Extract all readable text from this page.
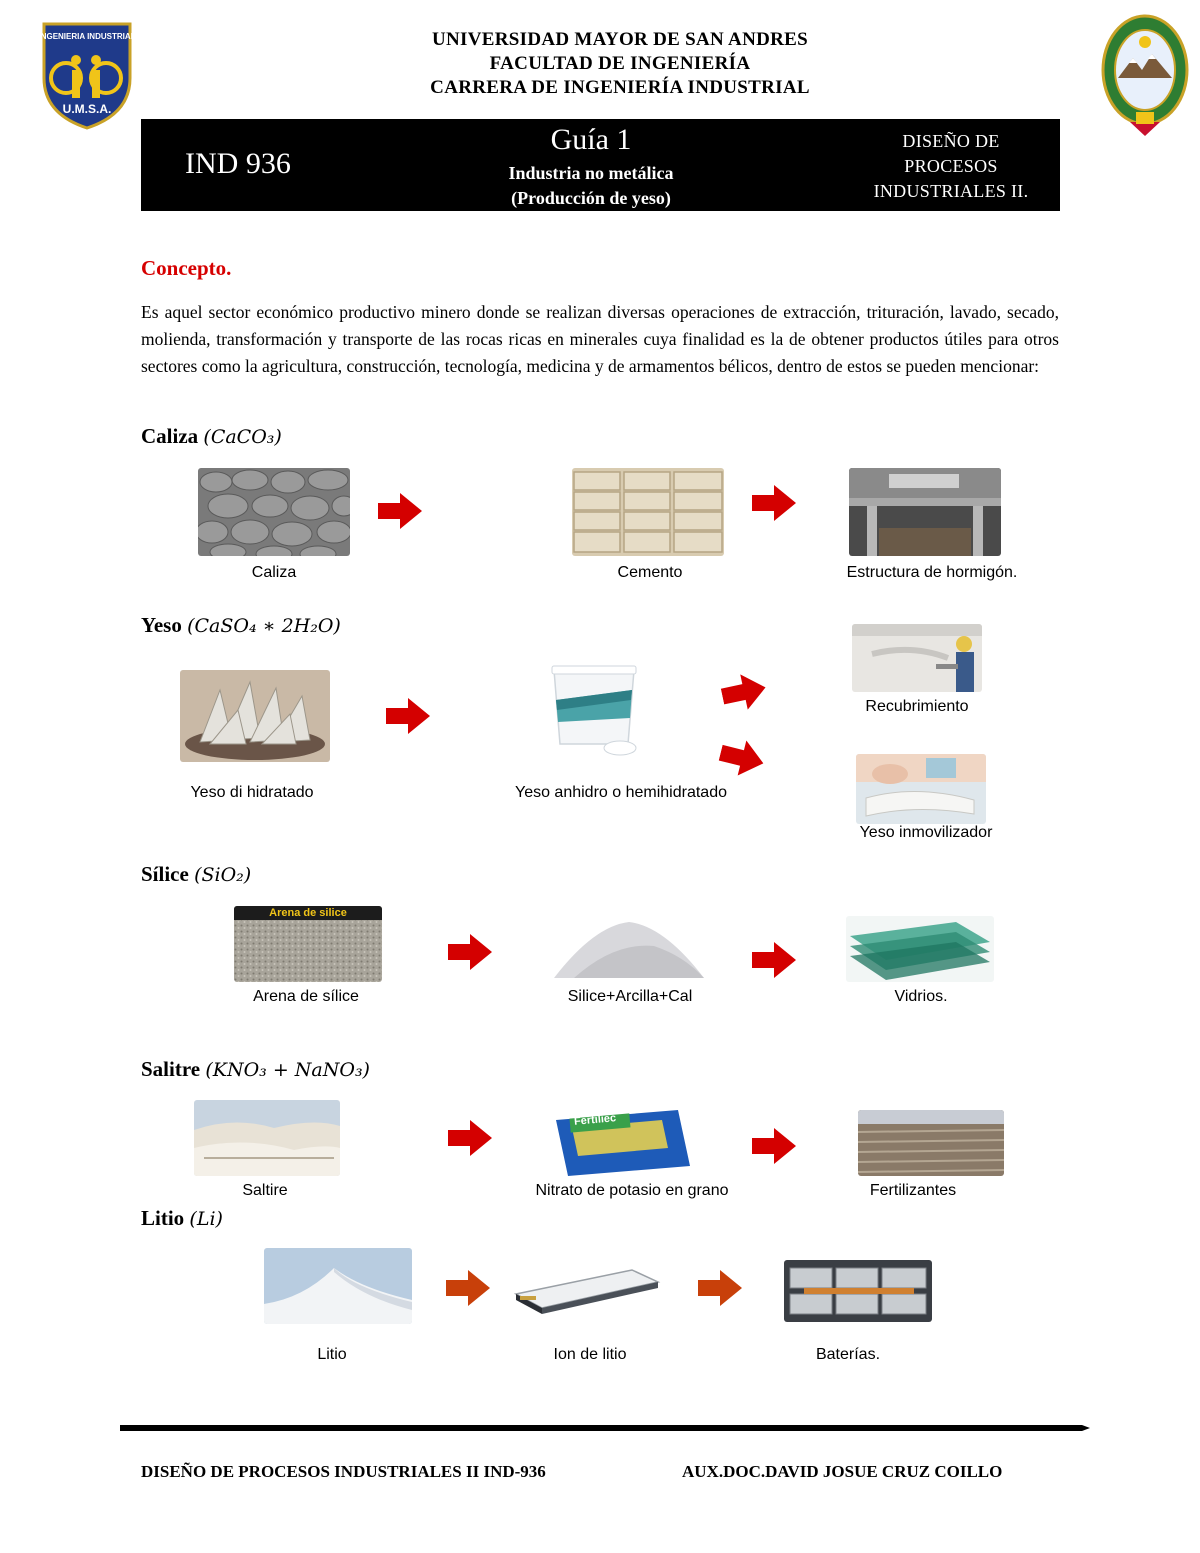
INGENIERIA INDUSTRIAL
U.M.S.A.
UNIVERSIDAD MAYOR DE SAN ANDRES
FACULTAD DE INGENIERÍA
CARRERA DE INGENIERÍA INDUSTRIAL
IND 936
Guía 1
Industria no metálica
(Producción de yeso)
DISEÑO DE
PROCESOS
INDUSTRIALES II.
Concepto.
Es aquel sector económico productivo minero donde se realizan diversas operaciones de extracción, trituración, lavado, secado, molienda, transformación y transporte de las rocas ricas en minerales cuya finalidad es la de obtener productos útiles para otros sectores como la agricultura, construcción, tecnología, medicina y de armamentos bélicos, dentro de estos se pueden mencionar:
Caliza (CaCO₃)
Caliza	Cemento	Estructura de hormigón.
Yeso (CaSO₄ ∗ 2H₂O)
Recubrimiento
Yeso inmovilizador
Yeso di hidratado	Yeso anhidro o hemihidratado
Sílice (SiO₂)
Arena de silice
Arena de sílice	Silice+Arcilla+Cal	Vidrios.
Salitre (KNO₃ + NaNO₃)
Fertiliec
Saltire	Nitrato de potasio en grano	Fertilizantes
Litio (Li)
Litio	Ion de litio	Baterías.
DISEÑO DE PROCESOS INDUSTRIALES II IND-936	AUX.DOC.DAVID JOSUE CRUZ COILLO
